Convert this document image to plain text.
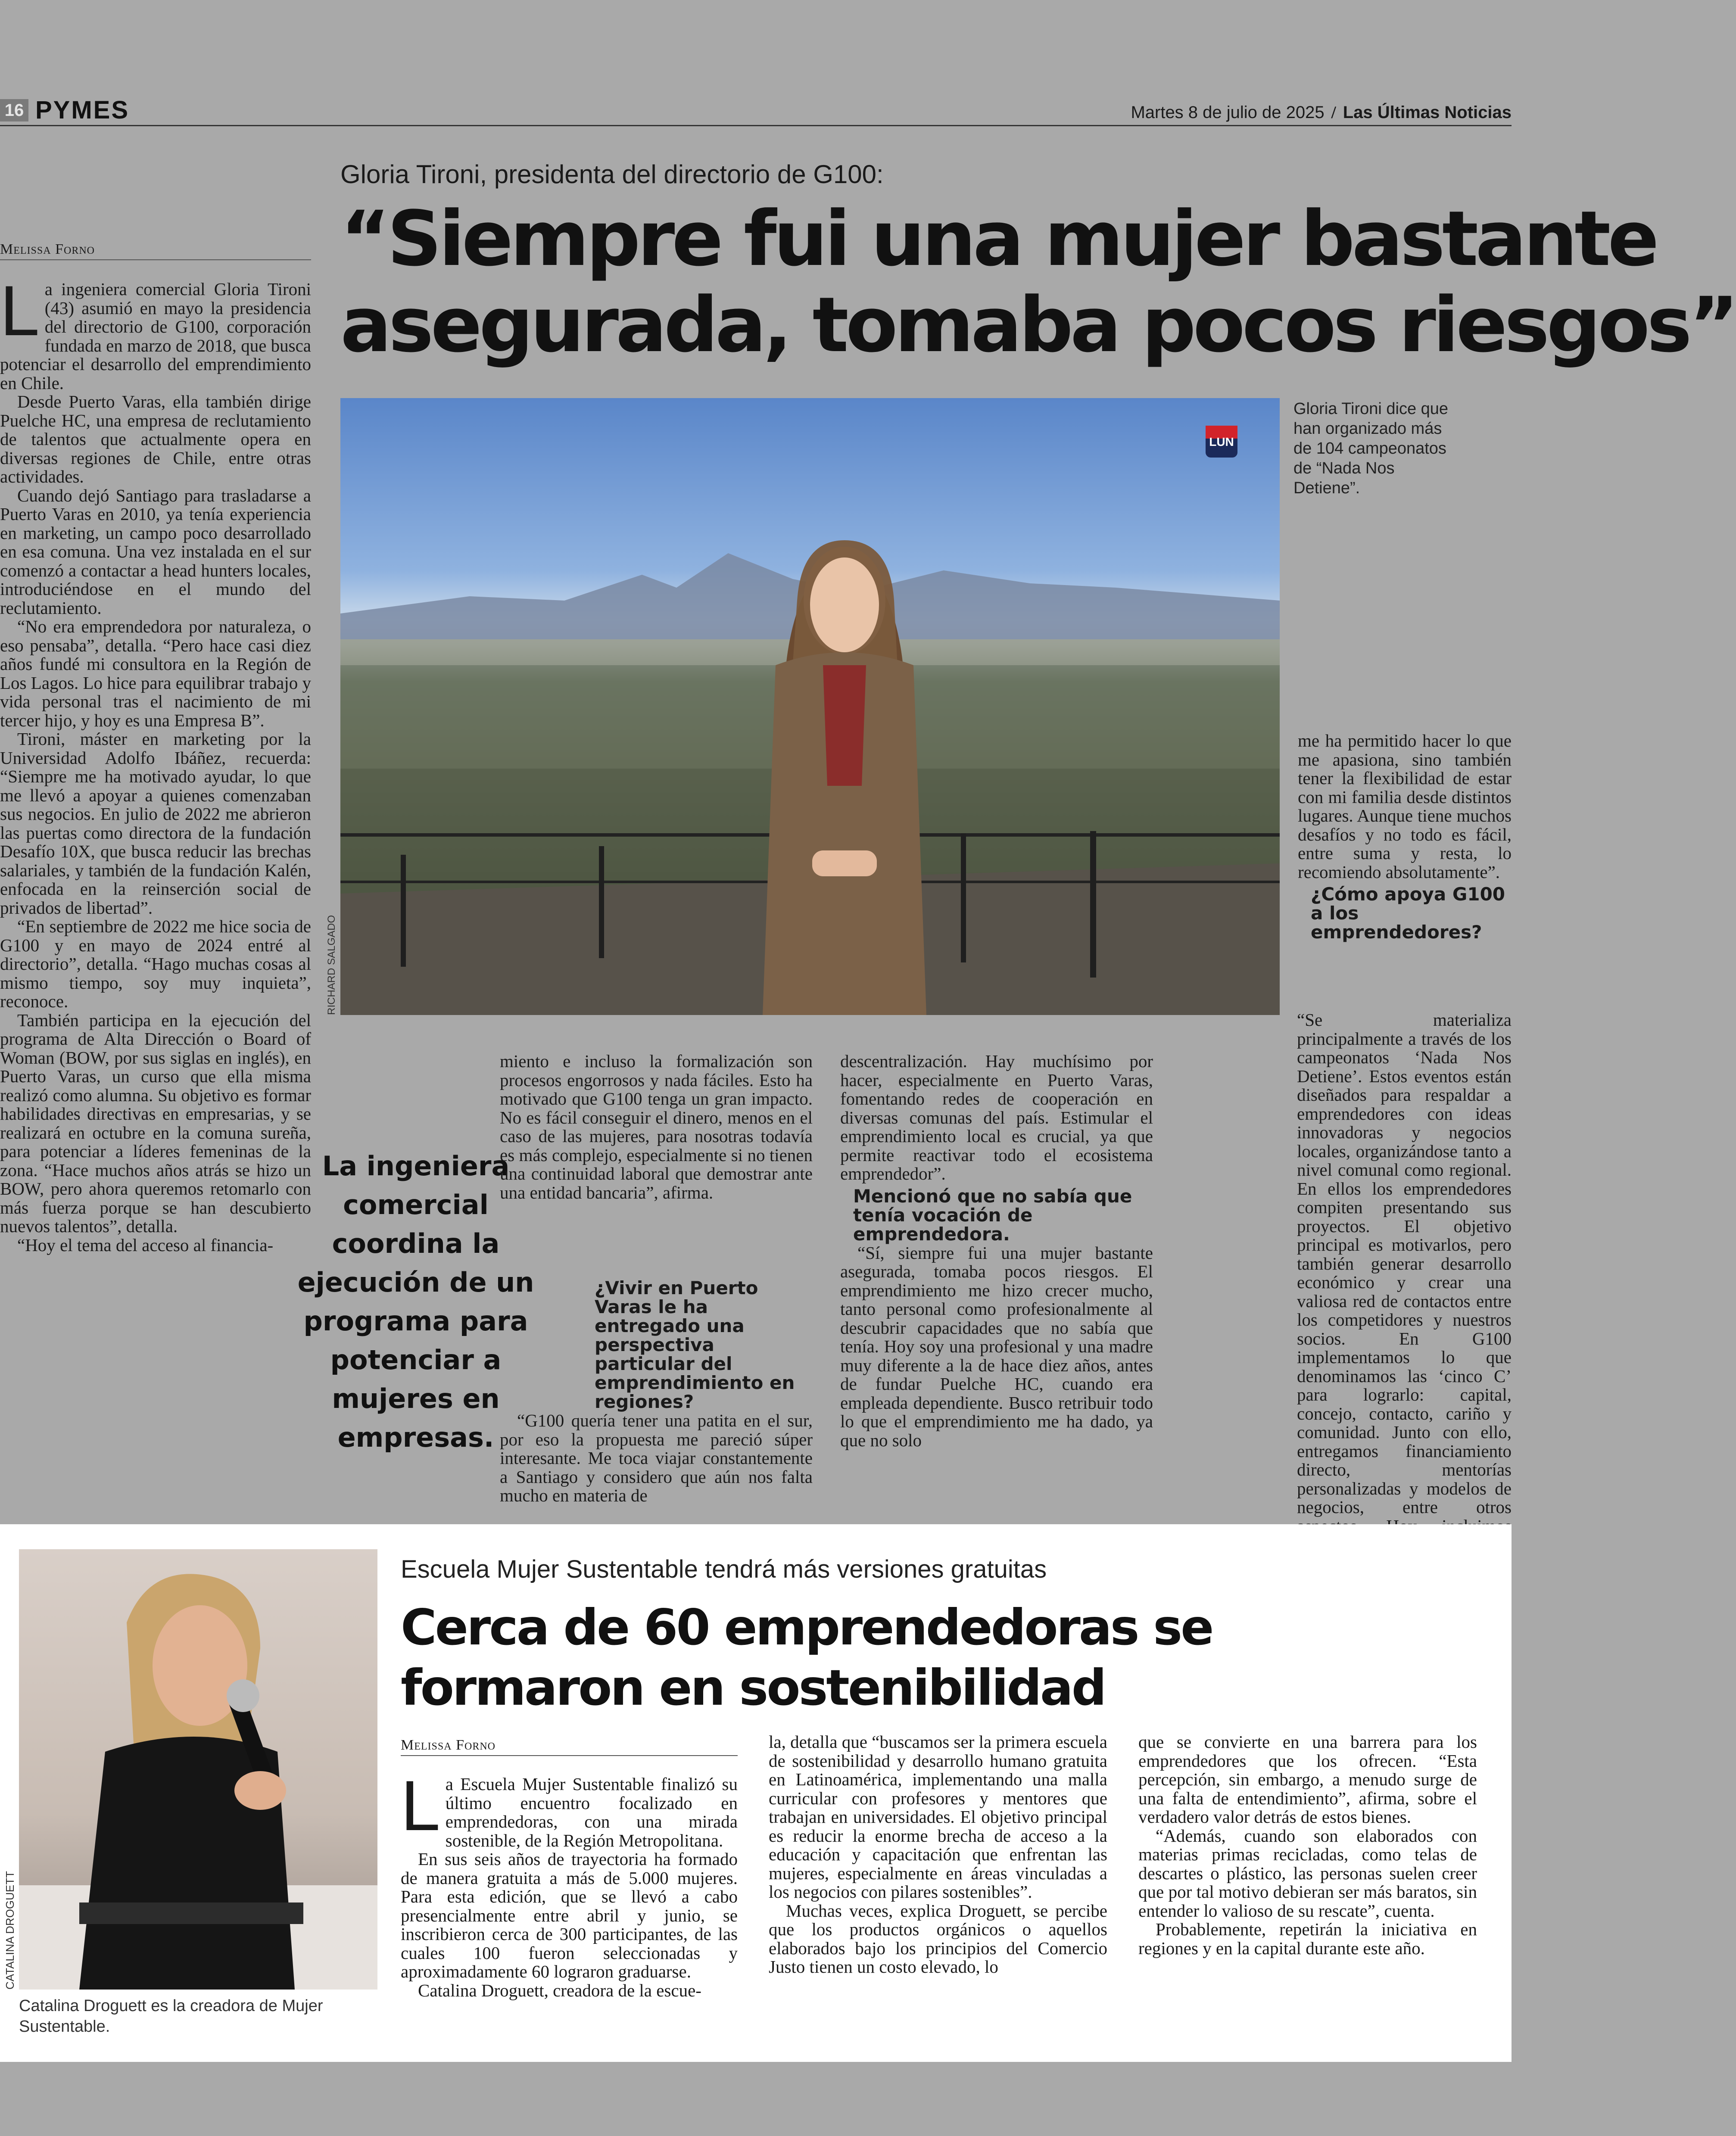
16 PYMES	Martes 8 de julio de 2025 / Las Últimas Noticias
Gloria Tironi, presidenta del directorio de G100:
“Siempre fui una mujer bastante
asegurada, tomaba pocos riesgos”
Melissa Forno

La ingeniera comercial Gloria Tironi (43) asumió en mayo la presidencia del directorio de G100, corporación fundada en marzo de 2018, que busca potenciar el desarrollo del emprendimiento en Chile.

Desde Puerto Varas, ella también dirige Puelche HC, una empresa de reclutamiento de talentos que actualmente opera en diversas regiones de Chile, entre otras actividades.

Cuando dejó Santiago para trasladarse a Puerto Varas en 2010, ya tenía experiencia en marketing, un campo poco desarrollado en esa comuna. Una vez instalada en el sur comenzó a contactar a head hunters locales, introduciéndose en el mundo del reclutamiento.

“No era emprendedora por naturaleza, o eso pensaba”, detalla. “Pero hace casi diez años fundé mi consultora en la Región de Los Lagos. Lo hice para equilibrar trabajo y vida personal tras el nacimiento de mi tercer hijo, y hoy es una Empresa B”.

Tironi, máster en marketing por la Universidad Adolfo Ibáñez, recuerda: “Siempre me ha motivado ayudar, lo que me llevó a apoyar a quienes comenzaban sus negocios. En julio de 2022 me abrieron las puertas como directora de la fundación Desafío 10X, que busca reducir las brechas salariales, y también de la fundación Kalén, enfocada en la reinserción social de privados de libertad”.

“En septiembre de 2022 me hice socia de G100 y en mayo de 2024 entré al directorio”, detalla. “Hago muchas cosas al mismo tiempo, soy muy inquieta”, reconoce.

También participa en la ejecución del programa de Alta Dirección o Board of Woman (BOW, por sus siglas en inglés), en Puerto Varas, un curso que ella misma realizó como alumna. Su objetivo es formar habilidades directivas en empresarias, y se realizará en octubre en la comuna sureña, para potenciar a líderes femeninas de la zona. “Hace muchos años atrás se hizo un BOW, pero ahora queremos retomarlo con más fuerza porque se han descubierto nuevos talentos”, detalla.

“Hoy el tema del acceso al financia-

LUN
RICHARD SALGADO
Gloria Tironi dice que han organizado más de 104 campeonatos de “Nada Nos Detiene”.
La ingeniera comercial coordina la ejecución de un programa para potenciar a mujeres en empresas.

miento e incluso la formalización son procesos engorrosos y nada fáciles. Esto ha motivado que G100 tenga un gran impacto. No es fácil conseguir el dinero, menos en el caso de las mujeres, para nosotras todavía es más complejo, especialmente si no tienen una continuidad laboral que demostrar ante una entidad bancaria”, afirma.

¿Vivir en Puerto Varas le ha entregado una perspectiva particular del emprendimiento en regiones?

“G100 quería tener una patita en el sur, por eso la propuesta me pareció súper interesante. Me toca viajar constantemente a Santiago y considero que aún nos falta mucho en materia de

descentralización. Hay muchísimo por hacer, especialmente en Puerto Varas, fomentando redes de cooperación en diversas comunas del país. Estimular el emprendimiento local es crucial, ya que permite reactivar todo el ecosistema emprendedor”.

Mencionó que no sabía que tenía vocación de emprendedora.

“Sí, siempre fui una mujer bastante asegurada, tomaba pocos riesgos. El emprendimiento me hizo crecer mucho, tanto personal como profesionalmente al descubrir capacidades que no sabía que tenía. Hoy soy una profesional y una madre muy diferente a la de hace diez años, antes de fundar Puelche HC, cuando era empleada dependiente. Busco retribuir todo lo que el emprendimiento me ha dado, ya que no solo

me ha permitido hacer lo que me apasiona, sino también tener la flexibilidad de estar con mi familia desde distintos lugares. Aunque tiene muchos desafíos y no todo es fácil, entre suma y resta, lo recomiendo absolutamente”.

¿Cómo apoya G100 a los emprendedores?

“Se materializa principalmente a través de los campeonatos ‘Nada Nos Detiene’. Estos eventos están diseñados para respaldar a emprendedores con ideas innovadoras y negocios locales, organizándose tanto a nivel comunal como regional. En ellos los emprendedores compiten presentando sus proyectos. El objetivo principal es motivarlos, pero también generar desarrollo económico y crear una valiosa red de contactos entre los competidores y nuestros socios. En G100 implementamos lo que denominamos las ‘cinco C’ para lograrlo: capital, concejo, contacto, cariño y comunidad. Junto con ello, entregamos financiamiento directo, mentorías personalizadas y modelos de negocios, entre otros

CATALINA DROGUETT
Catalina Droguett es la creadora de Mujer Sustentable.
Escuela Mujer Sustentable tendrá más versiones gratuitas
Cerca de 60 emprendedoras se
formaron en sostenibilidad
Melissa Forno

La Escuela Mujer Sustentable finalizó su último encuentro focalizado en emprendedoras, con una mirada sostenible, de la Región Metropolitana.

En sus seis años de trayectoria ha formado de manera gratuita a más de 5.000 mujeres. Para esta edición, que se llevó a cabo presencialmente entre abril y junio, se inscribieron cerca de 300 participantes, de las cuales 100 fueron seleccionadas y aproximadamente 60 lograron graduarse.

Catalina Droguett, creadora de la escue-

la, detalla que “buscamos ser la primera escuela de sostenibilidad y desarrollo humano gratuita en Latinoamérica, implementando una malla curricular con profesores y mentores que trabajan en universidades. El objetivo principal es reducir la enorme brecha de acceso a la educación y capacitación que enfrentan las mujeres, especialmente en áreas vinculadas a los negocios con pilares sostenibles”.

Muchas veces, explica Droguett, se percibe que los productos orgánicos o aquellos elaborados bajo los principios del Comercio Justo tienen un costo elevado, lo

que se convierte en una barrera para los emprendedores que los ofrecen. “Esta percepción, sin embargo, a menudo surge de una falta de entendimiento”, afirma, sobre el verdadero valor detrás de estos bienes.

“Además, cuando son elaborados con materias primas recicladas, como telas de descartes o plástico, las personas suelen creer que por tal motivo debieran ser más baratos, sin entender lo valioso de su rescate”, cuenta.

Probablemente, repetirán la iniciativa en regiones y en la capital durante este año.
